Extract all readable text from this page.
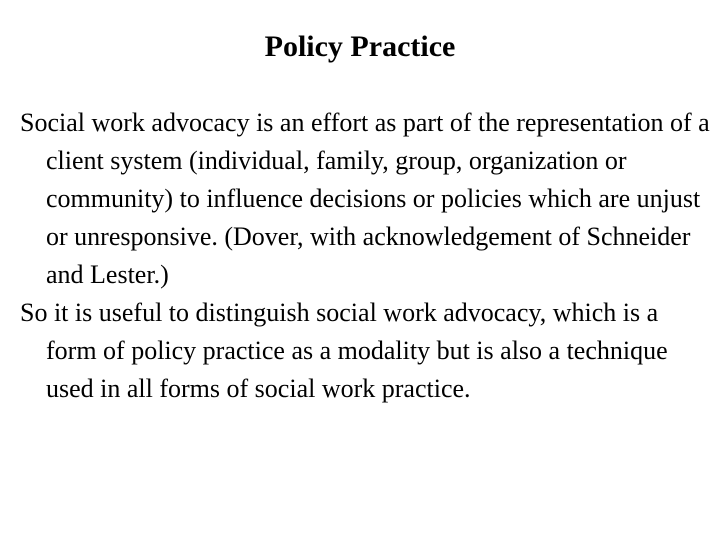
Policy Practice

Social work advocacy is an effort as part of the representation of a client system (individual, family, group, organization or community) to influence decisions or policies which are unjust or unresponsive. (Dover, with acknowledgement of Schneider and Lester.)

So it is useful to distinguish social work advocacy, which is a form of policy practice as a modality but is also a technique used in all forms of social work practice.
